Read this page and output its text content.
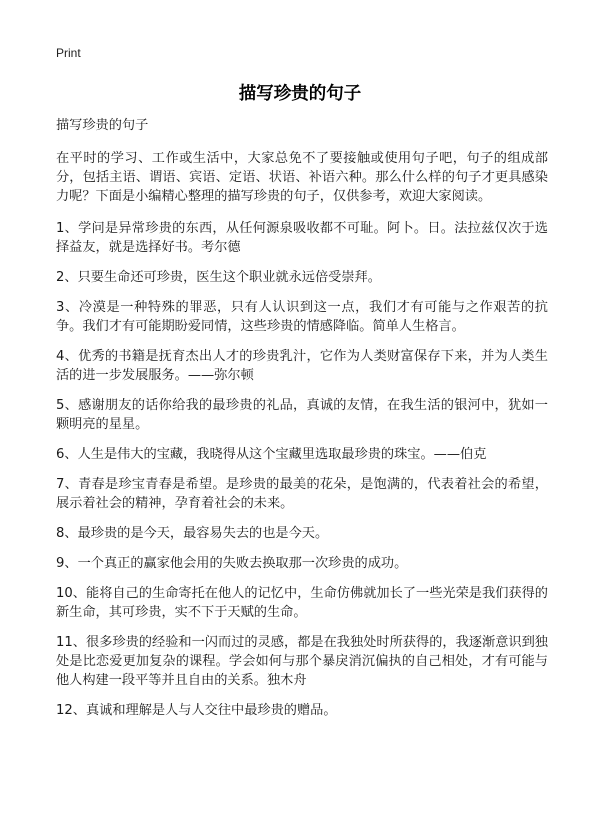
Print
描写珍贵的句子

描写珍贵的句子

在平时的学习、工作或生活中，大家总免不了要接触或使用句子吧，句子的组成部分，包括主语、谓语、宾语、定语、状语、补语六种。那么什么样的句子才更具感染力呢？下面是小编精心整理的描写珍贵的句子，仅供参考，欢迎大家阅读。

1、学问是异常珍贵的东西，从任何源泉吸收都不可耻。阿卜。日。法拉兹仅次于选择益友，就是选择好书。考尔德

2、只要生命还可珍贵，医生这个职业就永远倍受崇拜。

3、冷漠是一种特殊的罪恶，只有人认识到这一点，我们才有可能与之作艰苦的抗争。我们才有可能期盼爱同情，这些珍贵的情感降临。简单人生格言。

4、优秀的书籍是抚育杰出人才的珍贵乳汁，它作为人类财富保存下来，并为人类生活的进一步发展服务。——弥尔顿

5、感谢朋友的话你给我的最珍贵的礼品，真诚的友情，在我生活的银河中，犹如一颗明亮的星星。

6、人生是伟大的宝藏，我晓得从这个宝藏里选取最珍贵的珠宝。——伯克

7、青春是珍宝青春是希望。是珍贵的最美的花朵，是饱满的，代表着社会的希望，展示着社会的精神，孕育着社会的未来。

8、最珍贵的是今天，最容易失去的也是今天。

9、一个真正的赢家他会用的失败去换取那一次珍贵的成功。

10、能将自己的生命寄托在他人的记忆中，生命仿佛就加长了一些光荣是我们获得的新生命，其可珍贵，实不下于天赋的生命。

11、很多珍贵的经验和一闪而过的灵感，都是在我独处时所获得的，我逐渐意识到独处是比恋爱更加复杂的课程。学会如何与那个暴戾消沉偏执的自己相处，才有可能与他人构建一段平等并且自由的关系。独木舟

12、真诚和理解是人与人交往中最珍贵的赠品。
